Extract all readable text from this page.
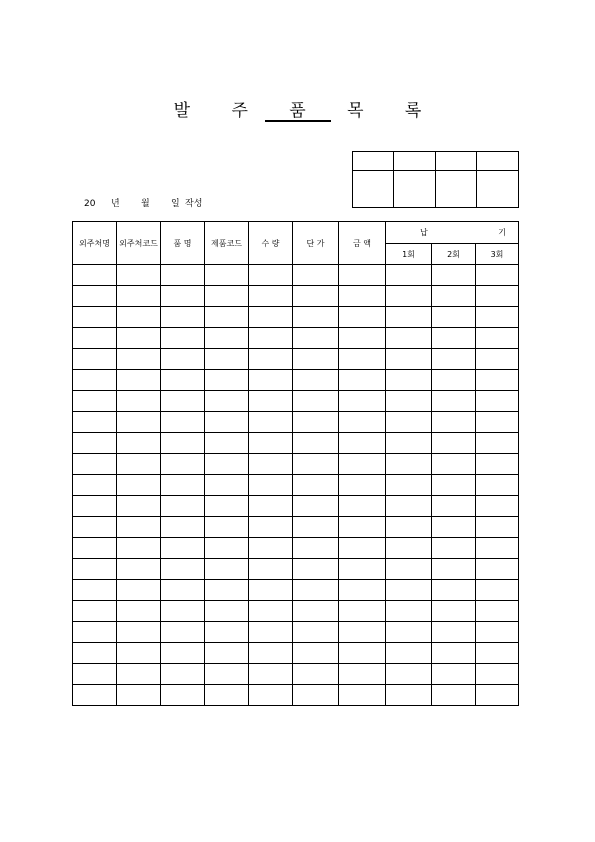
발 주 품 목 록

20 년 월 일 작성
외주처명	외주처코드	품 명	제품코드	수 량	단 가	금 액	납 기		
							1회	2회	3회
